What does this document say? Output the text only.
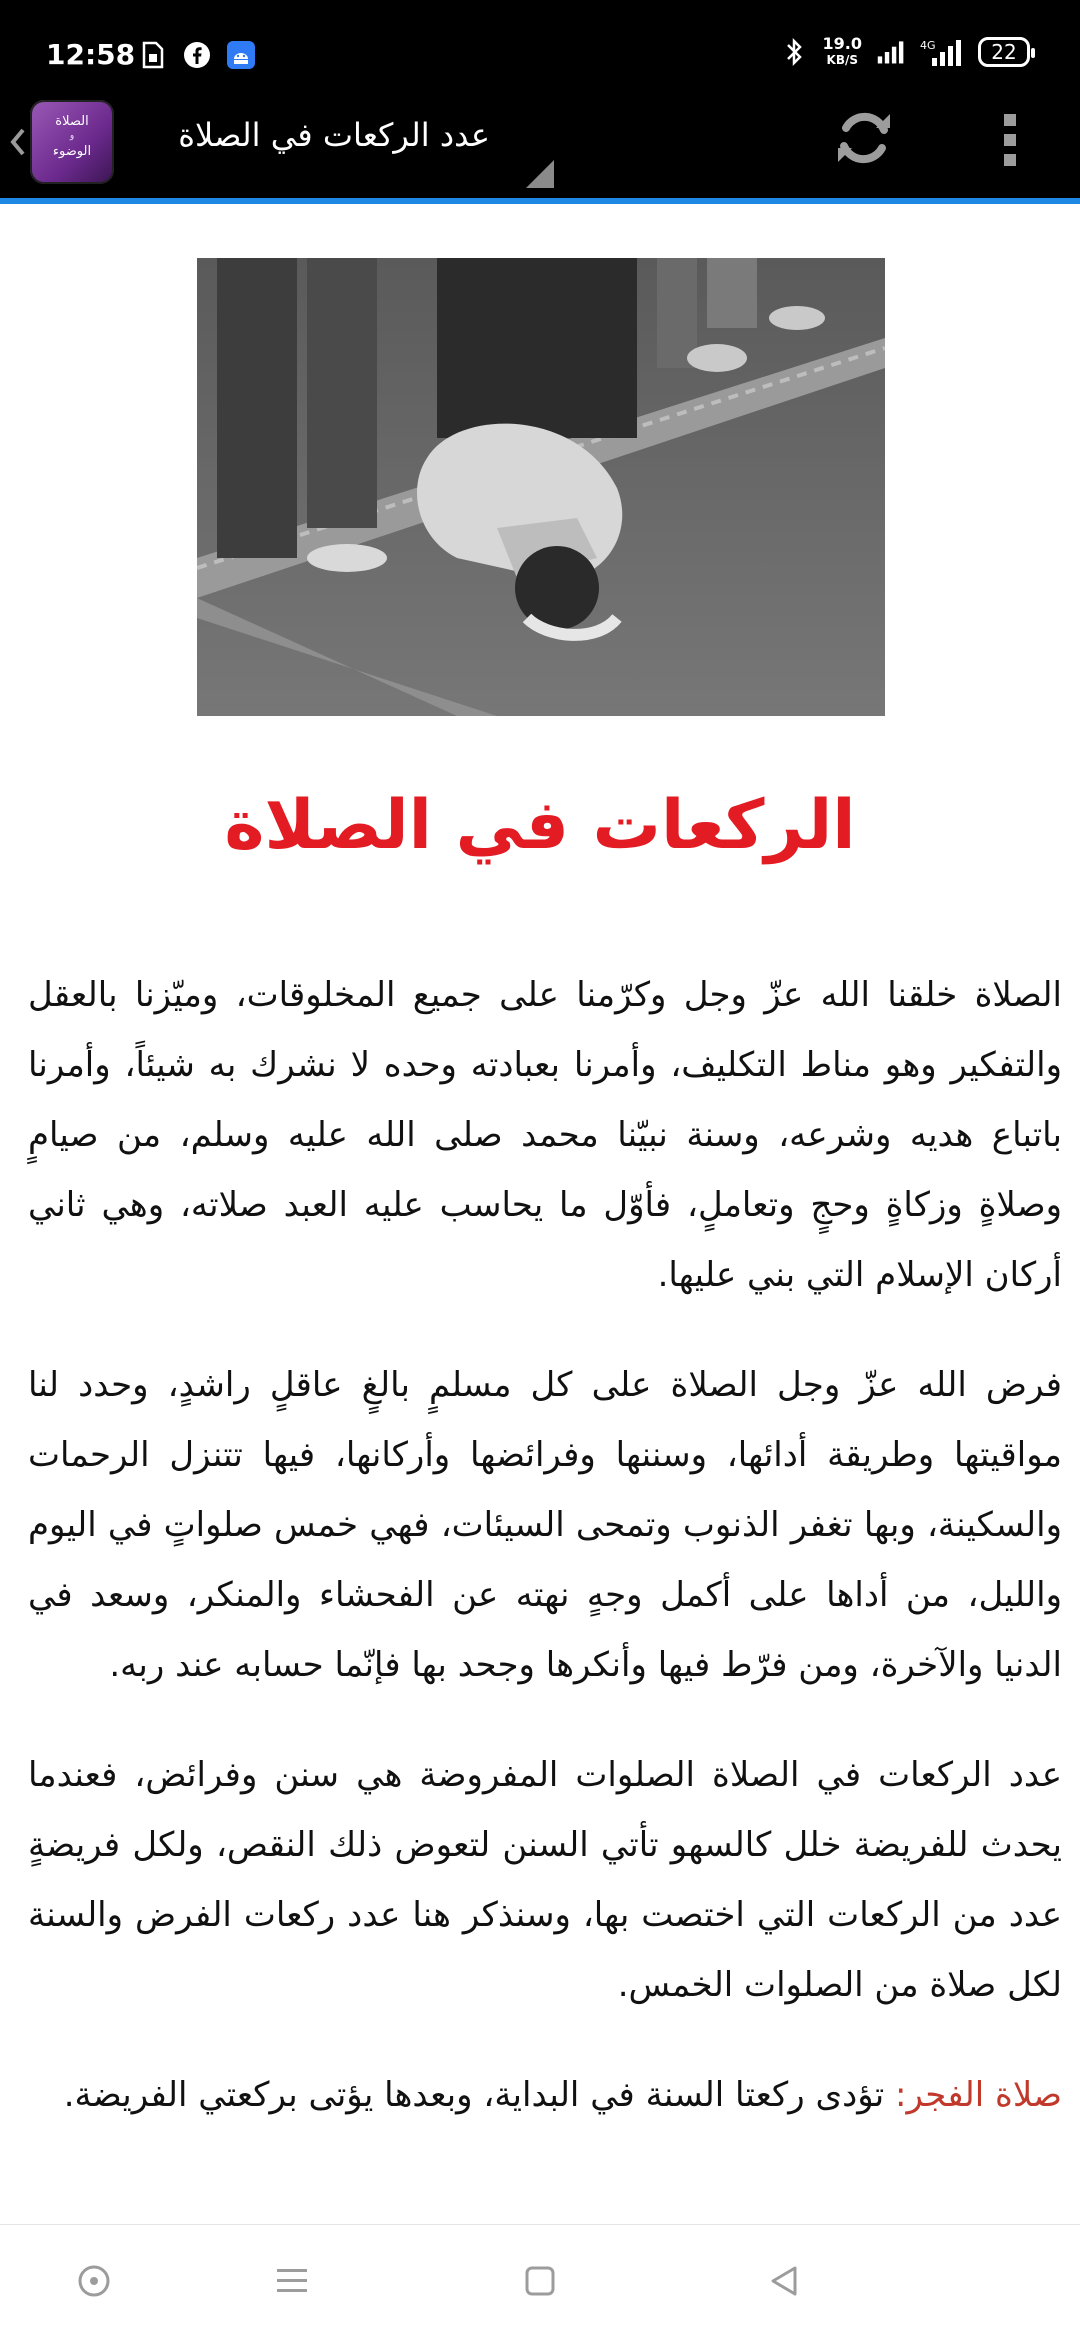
12:58	19.0
KB/S
4G	22
الصلاة
و
الوضوء	عدد الركعات في الصلاة
الركعات في الصلاة

الصلاة خلقنا الله عزّ وجل وكرّمنا على جميع المخلوقات، وميّزنا بالعقل والتفكير وهو مناط التكليف، وأمرنا بعبادته وحده لا نشرك به شيئاً، وأمرنا باتباع هديه وشرعه، وسنة نبيّنا محمد صلى الله عليه وسلم، من صيامٍ وصلاةٍ وزكاةٍ وحجٍ وتعاملٍ، فأوّل ما يحاسب عليه العبد صلاته، وهي ثاني أركان الإسلام التي بني عليها.

فرض الله عزّ وجل الصلاة على كل مسلمٍ بالغٍ عاقلٍ راشدٍ، وحدد لنا مواقيتها وطريقة أدائها، وسننها وفرائضها وأركانها، فيها تتنزل الرحمات والسكينة، وبها تغفر الذنوب وتمحى السيئات، فهي خمس صلواتٍ في اليوم والليل، من أداها على أكمل وجهٍ نهته عن الفحشاء والمنكر، وسعد في الدنيا والآخرة، ومن فرّط فيها وأنكرها وجحد بها فإنّما حسابه عند ربه.

عدد الركعات في الصلاة الصلوات المفروضة هي سنن وفرائض، فعندما يحدث للفريضة خلل كالسهو تأتي السنن لتعوض ذلك النقص، ولكل فريضةٍ عدد من الركعات التي اختصت بها، وسنذكر هنا عدد ركعات الفرض والسنة لكل صلاة من الصلوات الخمس.

صلاة الفجر: تؤدى ركعتا السنة في البداية، وبعدها يؤتى بركعتي الفريضة.
